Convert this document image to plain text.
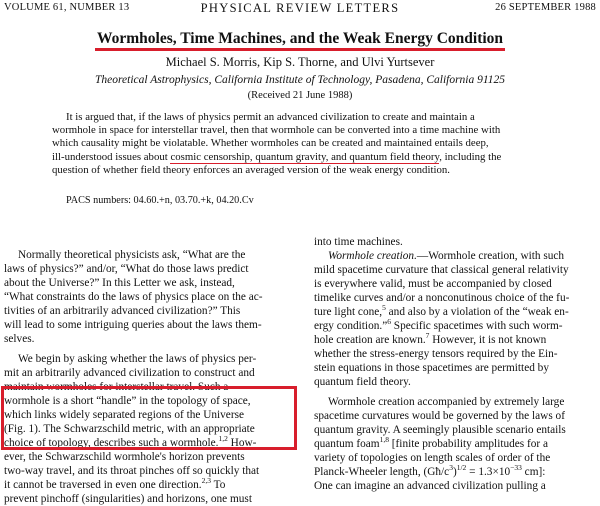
VOLUME 61, NUMBER 13	PHYSICAL REVIEW LETTERS	26 SEPTEMBER 1988
Wormholes, Time Machines, and the Weak Energy Condition
Michael S. Morris, Kip S. Thorne, and Ulvi Yurtsever
Theoretical Astrophysics, California Institute of Technology, Pasadena, California 91125
(Received 21 June 1988)
It is argued that, if the laws of physics permit an advanced civilization to create and maintain a
wormhole in space for interstellar travel, then that wormhole can be converted into a time machine with
which causality might be violatable. Whether wormholes can be created and maintained entails deep,
ill-understood issues about cosmic censorship, quantum gravity, and quantum field theory, including the
question of whether field theory enforces an averaged version of the weak energy condition.
PACS numbers: 04.60.+n, 03.70.+k, 04.20.Cv
Normally theoretical physicists ask, “What are the
laws of physics?” and/or, “What do those laws predict
about the Universe?” In this Letter we ask, instead,
“What constraints do the laws of physics place on the ac-
tivities of an arbitrarily advanced civilization?” This
will lead to some intriguing queries about the laws them-
selves.
We begin by asking whether the laws of physics per-
mit an arbitrarily advanced civilization to construct and
maintain wormholes for interstellar travel. Such a
wormhole is a short “handle” in the topology of space,
which links widely separated regions of the Universe
(Fig. 1). The Schwarzschild metric, with an appropriate
choice of topology, describes such a wormhole.$^{1,2}$ How-
ever, the Schwarzschild wormhole's horizon prevents
two-way travel, and its throat pinches off so quickly that
it cannot be traversed in even one direction.$^{2,3}$ To
prevent pinchoff (singularities) and horizons, one must
into time machines.
Wormhole creation.—Wormhole creation, with such
mild spacetime curvature that classical general relativity
is everywhere valid, must be accompanied by closed
timelike curves and/or a nonconutinous choice of the fu-
ture light cone,$^5$ and also by a violation of the “weak en-
ergy condition.”$^6$ Specific spacetimes with such worm-
hole creation are known.$^7$ However, it is not known
whether the stress-energy tensors required by the Ein-
stein equations in those spacetimes are permitted by
quantum field theory.
Wormhole creation accompanied by extremely large
spacetime curvatures would be governed by the laws of
quantum gravity. A seemingly plausible scenario entails
quantum foam$^{1,8}$ [finite probability amplitudes for a
variety of topologies on length scales of order of the
Planck-Wheeler length, $(Għ/c^3)^{1/2} = 1.3\times 10^{-33}$ cm]:
One can imagine an advanced civilization pulling a
